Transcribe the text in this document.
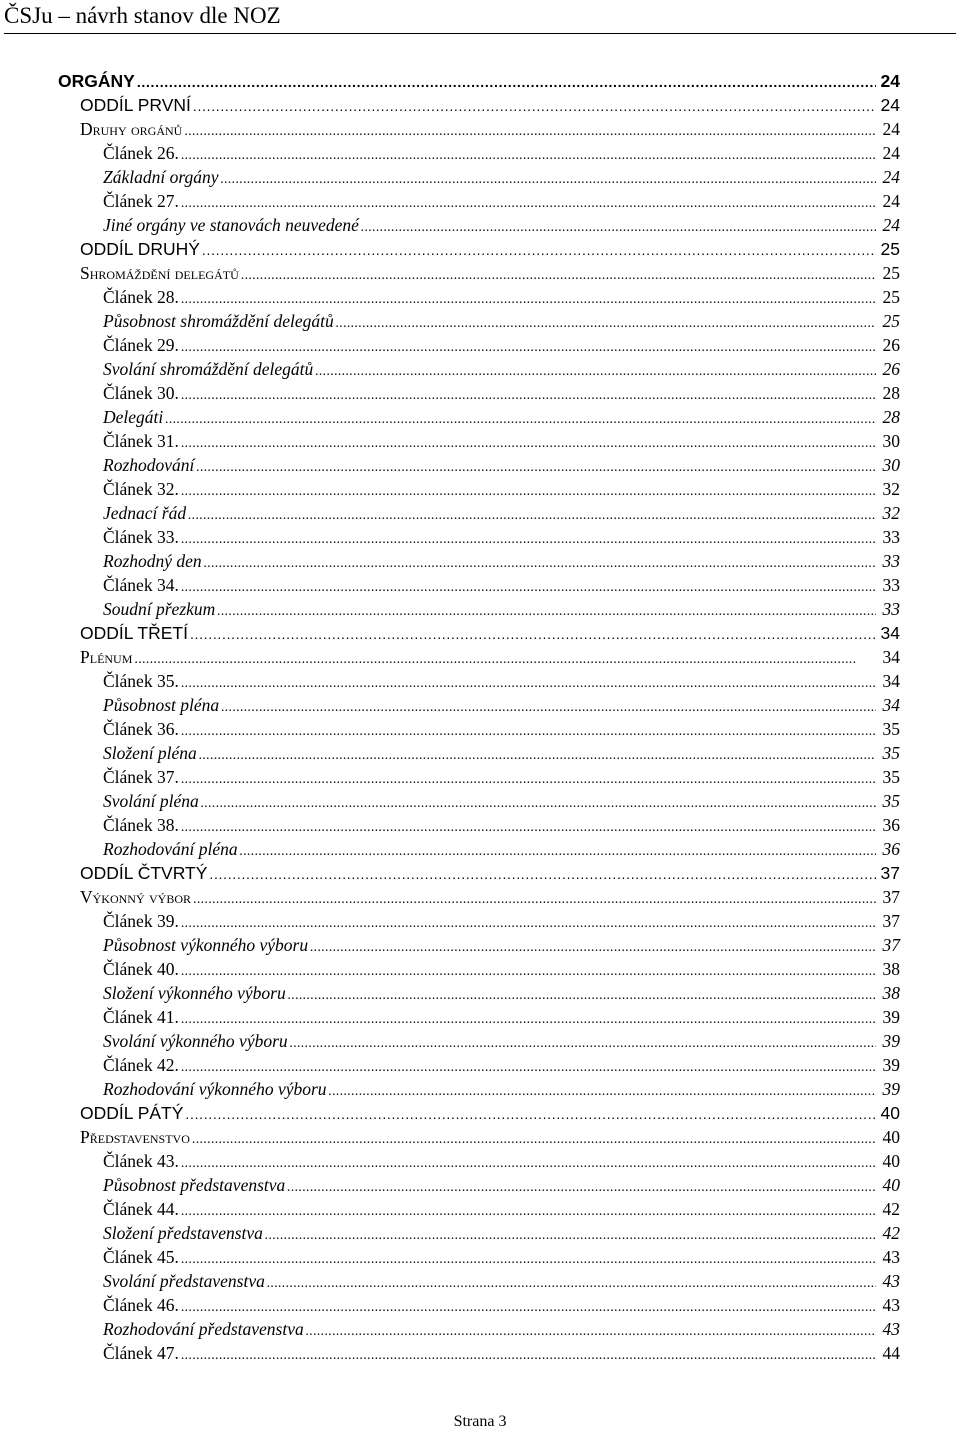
ČSJu – návrh stanov dle NOZ
ORGÁNY . . .	24
ODDÍL PRVNÍ . . .	24
Druhy orgánů . . .	24
Článek 26. . . .	24
Základní orgány . . .	24
Článek 27. . . .	24
Jiné orgány ve stanovách neuvedené . . .	24
ODDÍL DRUHÝ . . .	25
Shromáždění delegátů . . .	25
Článek 28. . . .	25
Působnost shromáždění delegátů . . .	25
Článek 29. . . .	26
Svolání shromáždění delegátů . . .	26
Článek 30. . . .	28
Delegáti . . .	28
Článek 31. . . .	30
Rozhodování . . .	30
Článek 32. . . .	32
Jednací řád . . .	32
Článek 33. . . .	33
Rozhodný den . . .	33
Článek 34. . . .	33
Soudní přezkum . . .	33
ODDÍL TŘETÍ . . .	34
Plénum . . .	34
Článek 35. . . .	34
Působnost pléna . . .	34
Článek 36. . . .	35
Složení pléna . . .	35
Článek 37. . . .	35
Svolání pléna . . .	35
Článek 38. . . .	36
Rozhodování pléna . . .	36
ODDÍL ČTVRTÝ . . .	37
Výkonný výbor . . .	37
Článek 39. . . .	37
Působnost výkonného výboru . . .	37
Článek 40. . . .	38
Složení výkonného výboru . . .	38
Článek 41. . . .	39
Svolání výkonného výboru . . .	39
Článek 42. . . .	39
Rozhodování výkonného výboru . . .	39
ODDÍL PÁTÝ . . .	40
Představenstvo . . .	40
Článek 43. . . .	40
Působnost představenstva . . .	40
Článek 44. . . .	42
Složení představenstva . . .	42
Článek 45. . . .	43
Svolání představenstva . . .	43
Článek 46. . . .	43
Rozhodování představenstva . . .	43
Článek 47. . . .	44
Strana 3
